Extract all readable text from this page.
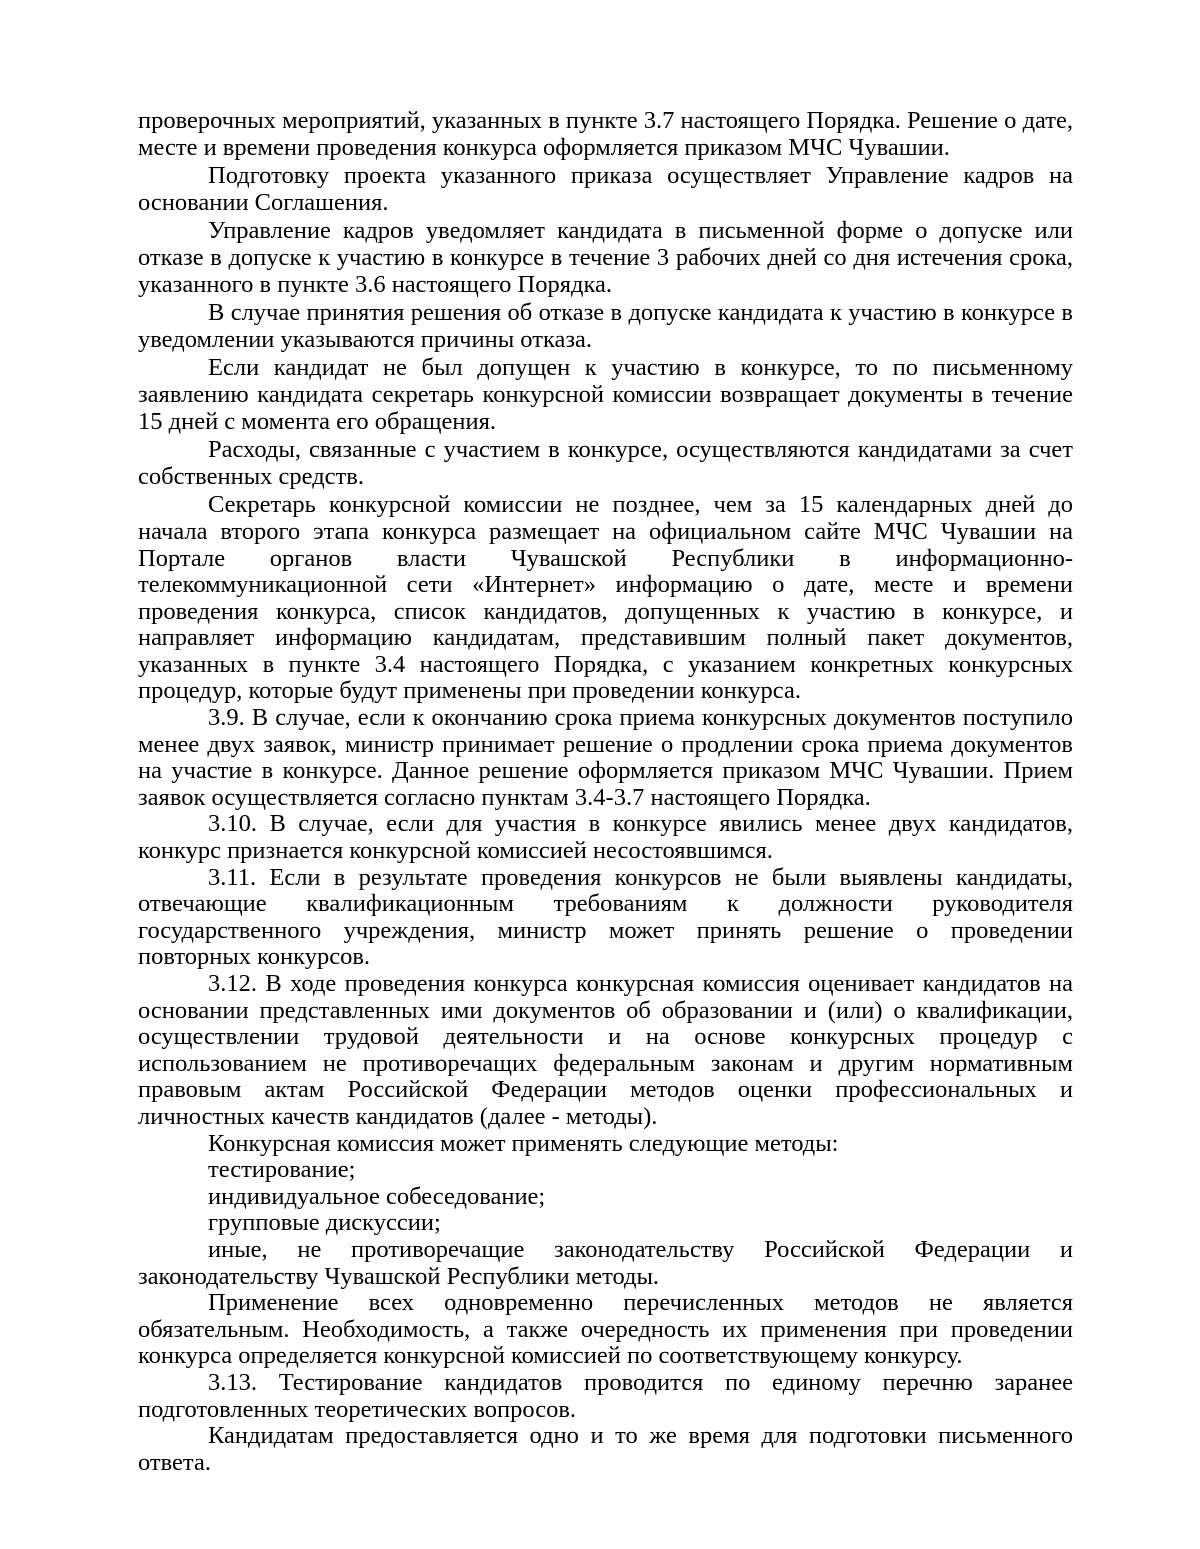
проверочных мероприятий, указанных в пункте 3.7 настоящего Порядка. Решение о дате, месте и времени проведения конкурса оформляется приказом МЧС Чувашии.

Подготовку проекта указанного приказа осуществляет Управление кадров на основании Соглашения.

Управление кадров уведомляет кандидата в письменной форме о допуске или отказе в допуске к участию в конкурсе в течение 3 рабочих дней со дня истечения срока, указанного в пункте 3.6 настоящего Порядка.

В случае принятия решения об отказе в допуске кандидата к участию в конкурсе в уведомлении указываются причины отказа.

Если кандидат не был допущен к участию в конкурсе, то по письменному заявлению кандидата секретарь конкурсной комиссии возвращает документы в течение 15 дней с момента его обращения.

Расходы, связанные с участием в конкурсе, осуществляются кандидатами за счет собственных средств.

Секретарь конкурсной комиссии не позднее, чем за 15 календарных дней до начала второго этапа конкурса размещает на официальном сайте МЧС Чувашии на Портале органов власти Чувашской Республики в информационно-телекоммуникационной сети «Интернет» информацию о дате, месте и времени проведения конкурса, список кандидатов, допущенных к участию в конкурсе, и направляет информацию кандидатам, представившим полный пакет документов, указанных в пункте 3.4 настоящего Порядка, с указанием конкретных конкурсных процедур, которые будут применены при проведении конкурса.

3.9. В случае, если к окончанию срока приема конкурсных документов поступило менее двух заявок, министр принимает решение о продлении срока приема документов на участие в конкурсе. Данное решение оформляется приказом МЧС Чувашии. Прием заявок осуществляется согласно пунктам 3.4-3.7 настоящего Порядка.

3.10. В случае, если для участия в конкурсе явились менее двух кандидатов, конкурс признается конкурсной комиссией несостоявшимся.

3.11. Если в результате проведения конкурсов не были выявлены кандидаты, отвечающие квалификационным требованиям к должности руководителя государственного учреждения, министр может принять решение о проведении повторных конкурсов.

3.12. В ходе проведения конкурса конкурсная комиссия оценивает кандидатов на основании представленных ими документов об образовании и (или) о квалификации, осуществлении трудовой деятельности и на основе конкурсных процедур с использованием не противоречащих федеральным законам и другим нормативным правовым актам Российской Федерации методов оценки профессиональных и личностных качеств кандидатов (далее - методы).

Конкурсная комиссия может применять следующие методы:

тестирование;

индивидуальное собеседование;

групповые дискуссии;

иные, не противоречащие законодательству Российской Федерации и законодательству Чувашской Республики методы.

Применение всех одновременно перечисленных методов не является обязательным. Необходимость, а также очередность их применения при проведении конкурса определяется конкурсной комиссией по соответствующему конкурсу.

3.13. Тестирование кандидатов проводится по единому перечню заранее подготовленных теоретических вопросов.

Кандидатам предоставляется одно и то же время для подготовки письменного ответа.
